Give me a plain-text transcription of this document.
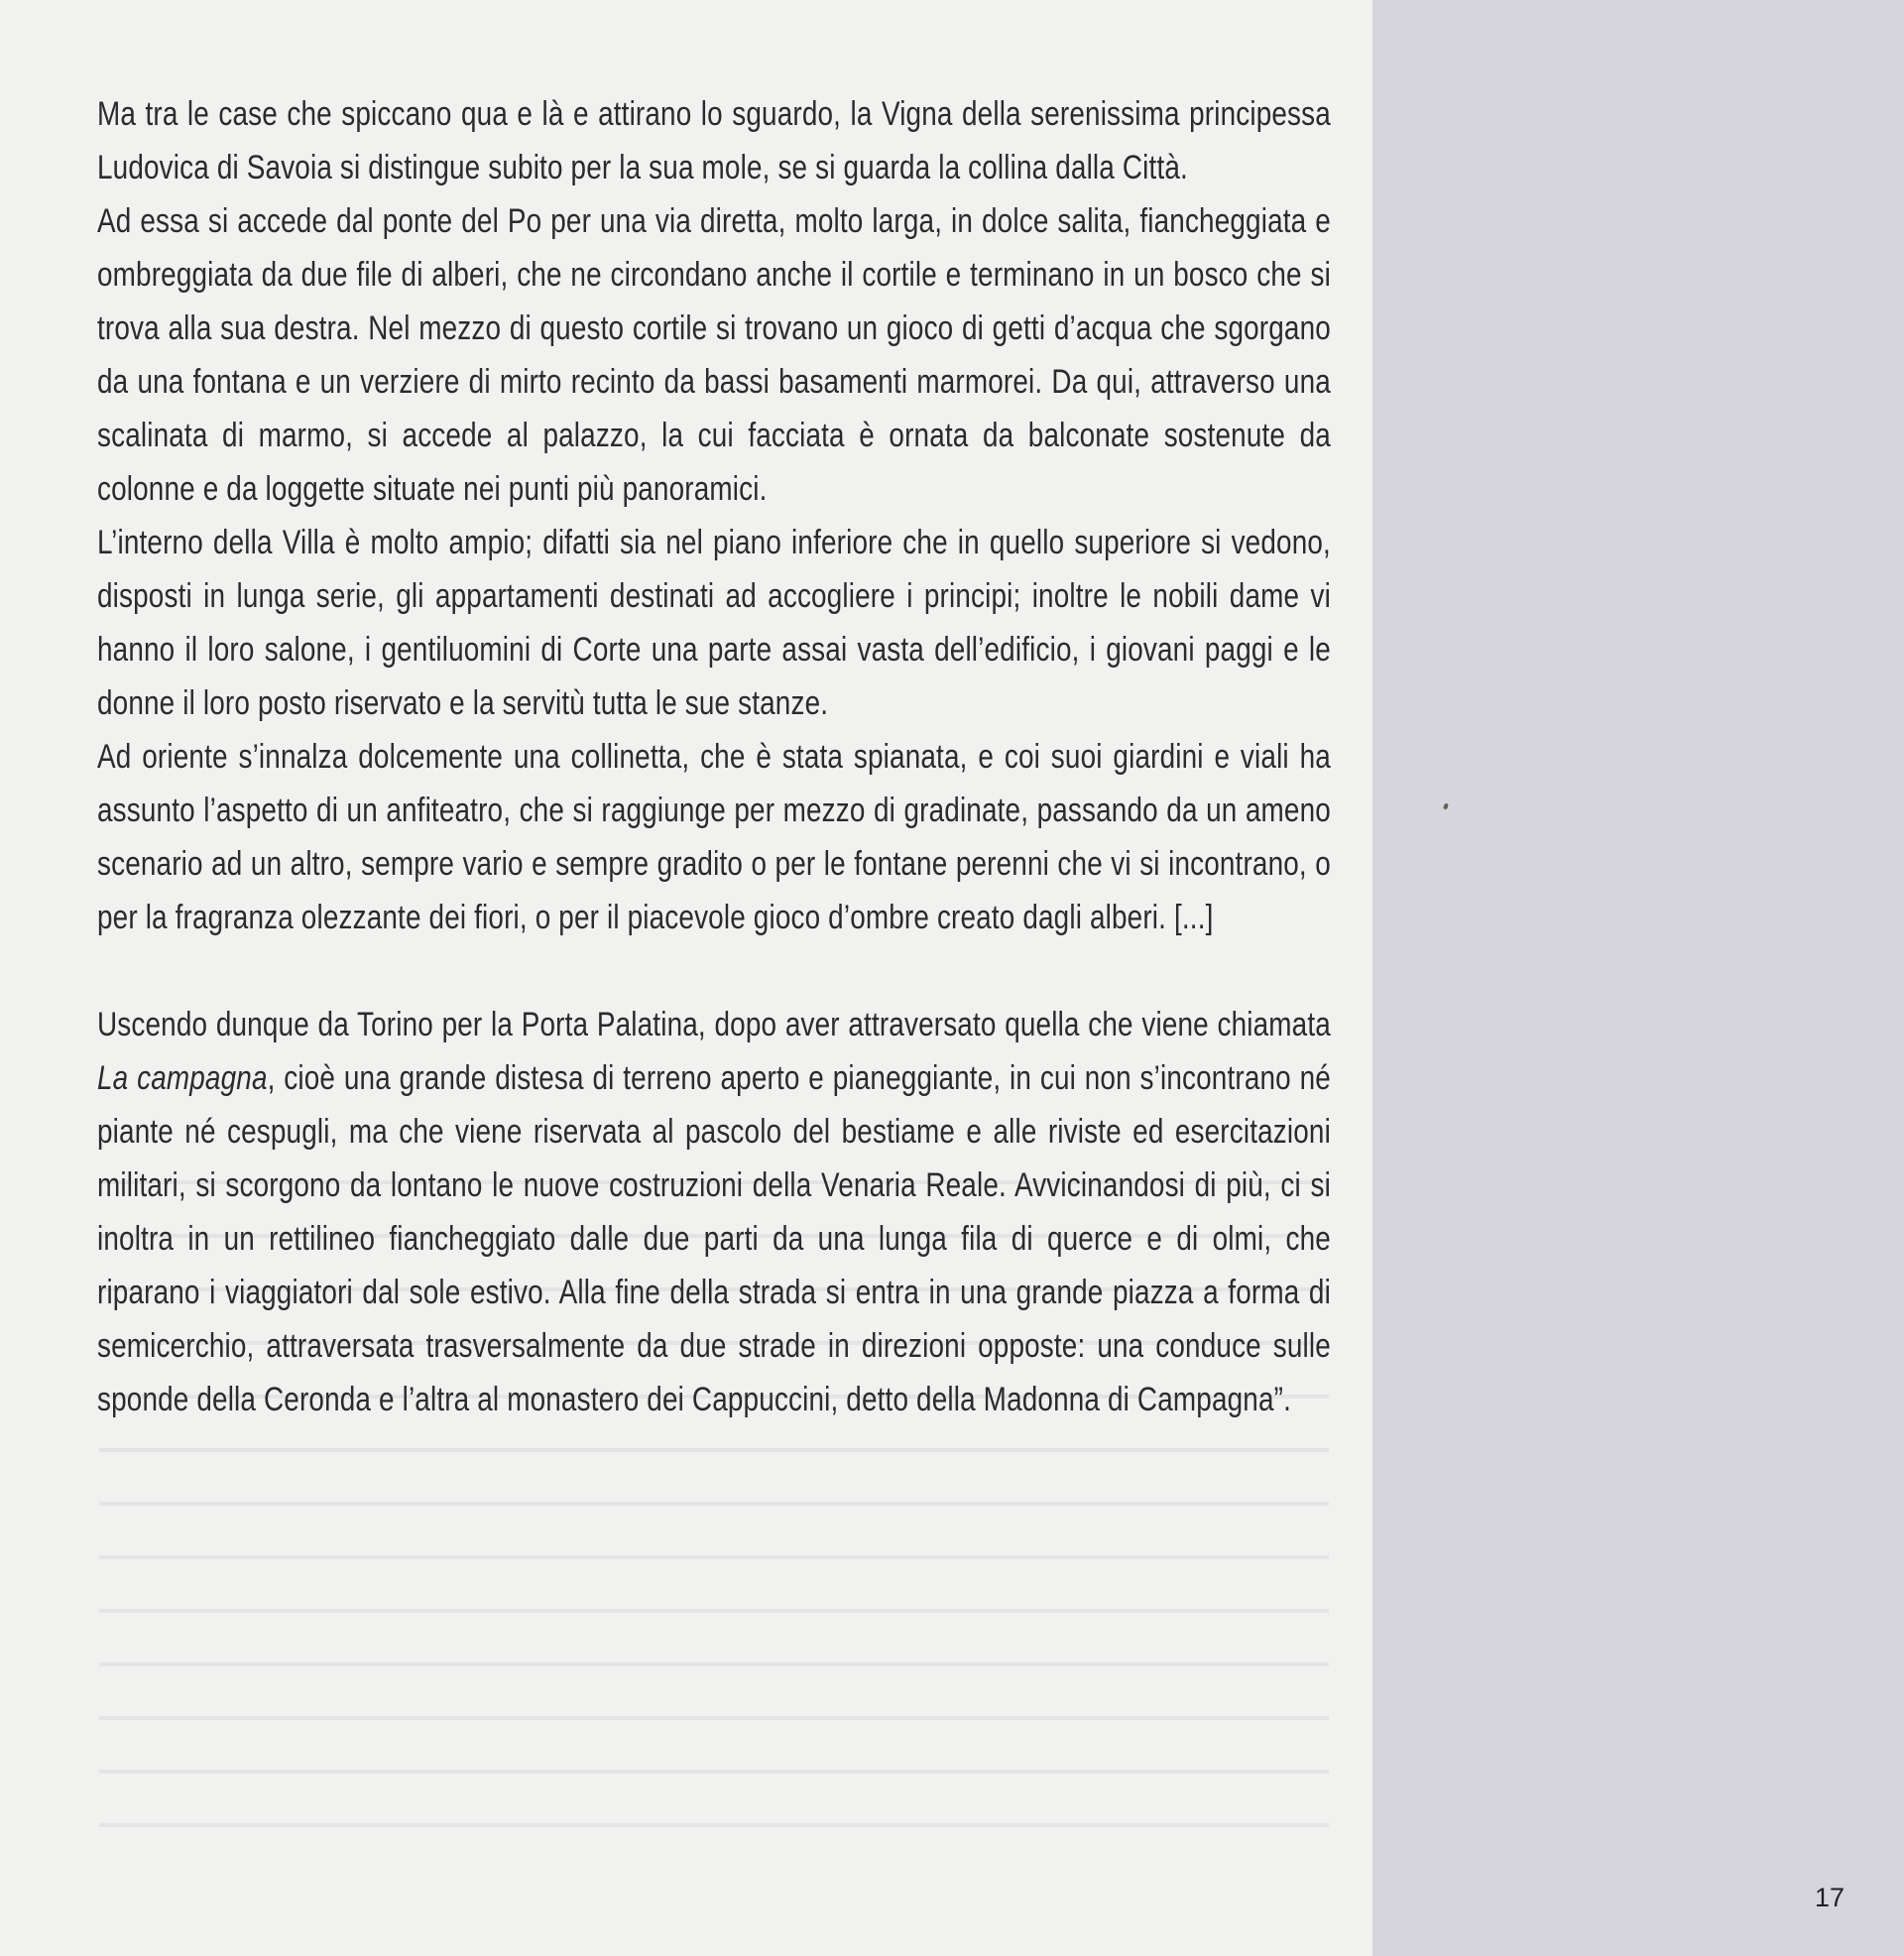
Ma tra le case che spiccano qua e là e attirano lo sguardo, la Vigna della serenissima principessa Ludovica di Savoia si distingue subito per la sua mole, se si guarda la collina dalla Città.

Ad essa si accede dal ponte del Po per una via diretta, molto larga, in dolce salita, fiancheggiata e ombreggiata da due file di alberi, che ne circondano anche il cortile e terminano in un bosco che si trova alla sua destra. Nel mezzo di questo cortile si trovano un gioco di getti d’acqua che sgorgano da una fontana e un verziere di mirto recinto da bassi basamenti marmorei. Da qui, attraverso una scalinata di marmo, si accede al palazzo, la cui facciata è ornata da balconate sostenute da colonne e da loggette situate nei punti più panoramici.

L’interno della Villa è molto ampio; difatti sia nel piano inferiore che in quello superiore si vedono, disposti in lunga serie, gli appartamenti destinati ad accogliere i principi; inoltre le nobili dame vi hanno il loro salone, i gentiluomini di Corte una parte assai vasta dell’edificio, i giovani paggi e le donne il loro posto riservato e la servitù tutta le sue stanze.

Ad oriente s’innalza dolcemente una collinetta, che è stata spianata, e coi suoi giardini e viali ha assunto l’aspetto di un anfiteatro, che si raggiunge per mezzo di gradinate, passando da un ameno scenario ad un altro, sempre vario e sempre gradito o per le fontane perenni che vi si incontrano, o per la fragranza olezzante dei fiori, o per il piacevole gioco d’ombre creato dagli alberi. [...]

Uscendo dunque da Torino per la Porta Palatina, dopo aver attraversato quella che viene chiamata La campagna, cioè una grande distesa di terreno aperto e pianeggiante, in cui non s’incontrano né piante né cespugli, ma che viene riservata al pascolo del bestiame e alle riviste ed esercitazioni militari, si scorgono da lontano le nuove costruzioni della Venaria Reale. Avvicinandosi di più, ci si inoltra in un rettilineo fiancheggiato dalle due parti da una lunga fila di querce e di olmi, che riparano i viaggiatori dal sole estivo. Alla fine della strada si entra in una grande piazza a forma di semicerchio, attraversata trasversalmente da due strade in direzioni opposte: una conduce sulle sponde della Ceronda e l’altra al monastero dei Cappuccini, detto della Madonna di Campagna”.

17
